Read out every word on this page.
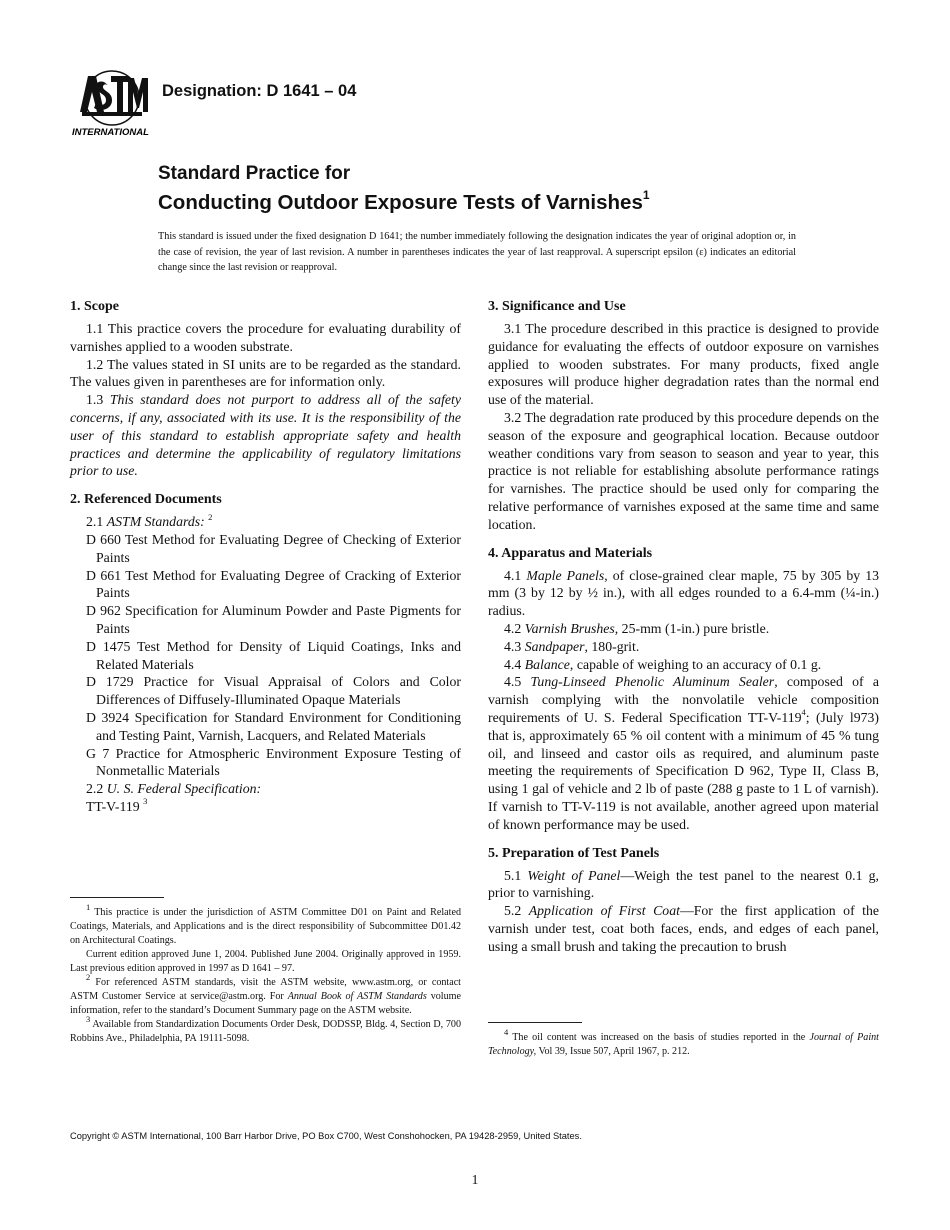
INTERNATIONAL
Designation: D 1641 – 04

Standard Practice for

Conducting Outdoor Exposure Tests of Varnishes$^1$

This standard is issued under the fixed designation D 1641; the number immediately following the designation indicates the year of original adoption or, in the case of revision, the year of last revision. A number in parentheses indicates the year of last reapproval. A superscript epsilon (ε) indicates an editorial change since the last revision or reapproval.

1. Scope

1.1 This practice covers the procedure for evaluating durability of varnishes applied to a wooden substrate.

1.2 The values stated in SI units are to be regarded as the standard. The values given in parentheses are for information only.

1.3 This standard does not purport to address all of the safety concerns, if any, associated with its use. It is the responsibility of the user of this standard to establish appropriate safety and health practices and determine the applicability of regulatory limitations prior to use.

2. Referenced Documents

2.1 ASTM Standards: $^2$

D 660 Test Method for Evaluating Degree of Checking of Exterior Paints

D 661 Test Method for Evaluating Degree of Cracking of Exterior Paints

D 962 Specification for Aluminum Powder and Paste Pigments for Paints

D 1475 Test Method for Density of Liquid Coatings, Inks and Related Materials

D 1729 Practice for Visual Appraisal of Colors and Color Differences of Diffusely-Illuminated Opaque Materials

D 3924 Specification for Standard Environment for Conditioning and Testing Paint, Varnish, Lacquers, and Related Materials

G 7 Practice for Atmospheric Environment Exposure Testing of Nonmetallic Materials

2.2 U. S. Federal Specification:

TT-V-119 $^3$

3. Significance and Use

3.1 The procedure described in this practice is designed to provide guidance for evaluating the effects of outdoor exposure on varnishes applied to wooden substrates. For many products, fixed angle exposures will produce higher degradation rates than the normal end use of the material.

3.2 The degradation rate produced by this procedure depends on the season of the exposure and geographical location. Because outdoor weather conditions vary from season to season and year to year, this practice is not reliable for establishing absolute performance ratings for varnishes. The practice should be used only for comparing the relative performance of varnishes exposed at the same time and same location.

4. Apparatus and Materials

4.1 Maple Panels, of close-grained clear maple, 75 by 305 by 13 mm (3 by 12 by ½ in.), with all edges rounded to a 6.4-mm (¼-in.) radius.

4.2 Varnish Brushes, 25-mm (1-in.) pure bristle.

4.3 Sandpaper, 180-grit.

4.4 Balance, capable of weighing to an accuracy of 0.1 g.

4.5 Tung-Linseed Phenolic Aluminum Sealer, composed of a varnish complying with the nonvolatile vehicle composition requirements of U. S. Federal Specification TT-V-119$^4$; (July l973) that is, approximately 65 % oil content with a minimum of 45 % tung oil, and linseed and castor oils as required, and aluminum paste meeting the requirements of Specification D 962, Type II, Class B, using 1 gal of vehicle and 2 lb of paste (288 g paste to 1 L of varnish). If varnish to TT-V-119 is not available, another agreed upon material of known performance may be used.

5. Preparation of Test Panels

5.1 Weight of Panel—Weigh the test panel to the nearest 0.1 g, prior to varnishing.

5.2 Application of First Coat—For the first application of the varnish under test, coat both faces, ends, and edges of each panel, using a small brush and taking the precaution to brush

$^1$ This practice is under the jurisdiction of ASTM Committee D01 on Paint and Related Coatings, Materials, and Applications and is the direct responsibility of Subcommittee D01.42 on Architectural Coatings.

Current edition approved June 1, 2004. Published June 2004. Originally approved in 1959. Last previous edition approved in 1997 as D 1641 – 97.

$^2$ For referenced ASTM standards, visit the ASTM website, www.astm.org, or contact ASTM Customer Service at service@astm.org. For Annual Book of ASTM Standards volume information, refer to the standard’s Document Summary page on the ASTM website.

$^3$ Available from Standardization Documents Order Desk, DODSSP, Bldg. 4, Section D, 700 Robbins Ave., Philadelphia, PA 19111-5098.

$^4$ The oil content was increased on the basis of studies reported in the Journal of Paint Technology, Vol 39, Issue 507, April 1967, p. 212.

Copyright © ASTM International, 100 Barr Harbor Drive, PO Box C700, West Conshohocken, PA 19428-2959, United States.
1
